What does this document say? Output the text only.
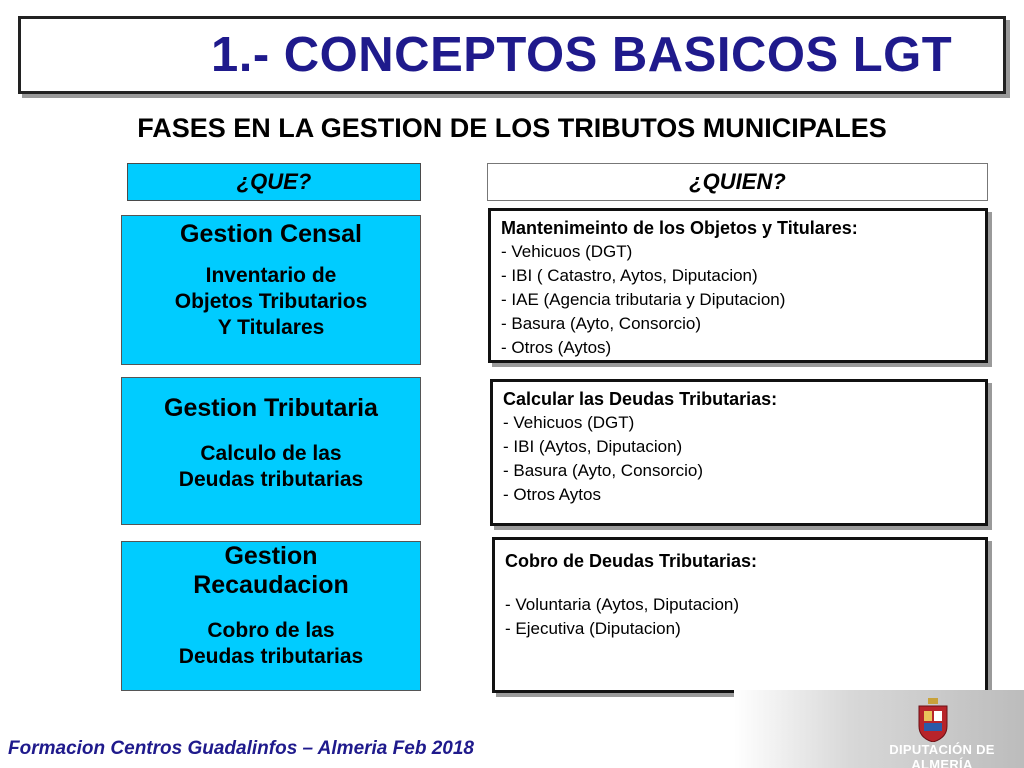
1.- CONCEPTOS BASICOS LGT
FASES EN LA GESTION DE LOS TRIBUTOS MUNICIPALES
¿QUE?	¿QUIEN?
Gestion Censal
Inventario de
Objetos Tributarios
Y Titulares
Gestion Tributaria
Calculo de las
Deudas tributarias
Gestion
Recaudacion
Cobro de las
Deudas tributarias
Mantenimeinto de los Objetos y Titulares:
- Vehicuos (DGT)
- IBI ( Catastro, Aytos, Diputacion)
- IAE (Agencia tributaria y Diputacion)
- Basura (Ayto, Consorcio)
- Otros (Aytos)
Calcular las Deudas Tributarias:
- Vehicuos (DGT)
- IBI (Aytos, Diputacion)
- Basura (Ayto, Consorcio)
- Otros Aytos
Cobro de Deudas Tributarias:
- Voluntaria (Aytos, Diputacion)
- Ejecutiva (Diputacion)
Formacion Centros Guadalinfos – Almeria Feb 2018	DIPUTACIÓN DE ALMERÍA
